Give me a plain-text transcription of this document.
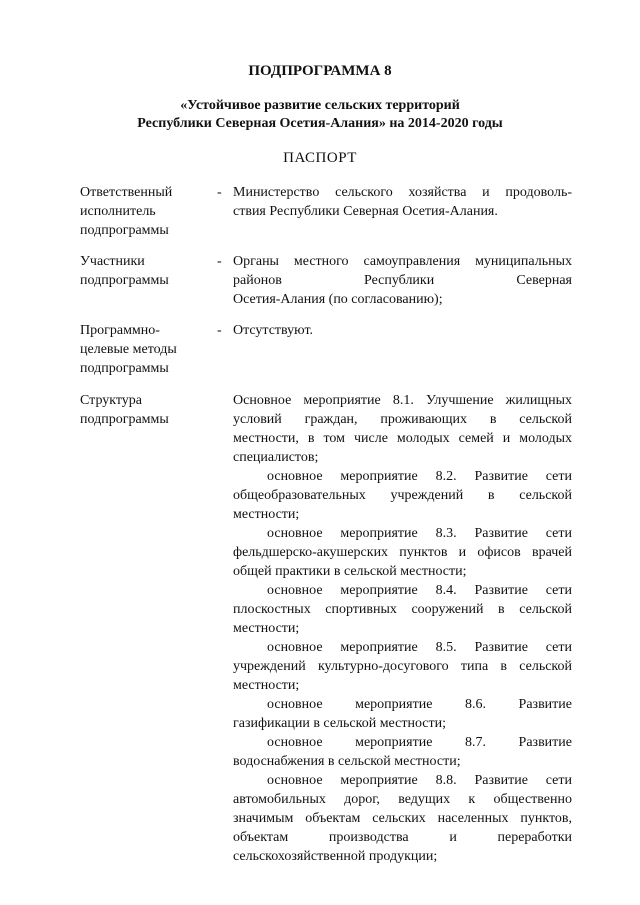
ПОДПРОГРАММА 8
«Устойчивое развитие сельских территорий
Республики Северная Осетия-Алания» на 2014-2020 годы
ПАСПОРТ
Ответственный
исполнитель
подпрограммы
- Министерство сельского хозяйства и продоволь-
ствия Республики Северная Осетия-Алания.
Участники
подпрограммы
- Органы местного самоуправления муниципальных
районов Республики Северная
Осетия-Алания (по согласованию);
Программно-
целевые методы
подпрограммы
- Отсутствуют.
Структура
подпрограммы
Основное мероприятие 8.1. Улучшение жилищных
условий граждан, проживающих в сельской
местности, в том числе молодых семей и молодых
специалистов;
основное мероприятие 8.2. Развитие сети
общеобразовательных учреждений в сельской
местности;
основное мероприятие 8.3. Развитие сети
фельдшерско-акушерских пунктов и офисов врачей
общей практики в сельской местности;
основное мероприятие 8.4. Развитие сети
плоскостных спортивных сооружений в сельской
местности;
основное мероприятие 8.5. Развитие сети
учреждений культурно-досугового типа в сельской
местности;
основное мероприятие 8.6. Развитие
газификации в сельской местности;
основное мероприятие 8.7. Развитие
водоснабжения в сельской местности;
основное мероприятие 8.8. Развитие сети
автомобильных дорог, ведущих к общественно
значимым объектам сельских населенных пунктов,
объектам производства и переработки
сельскохозяйственной продукции;
